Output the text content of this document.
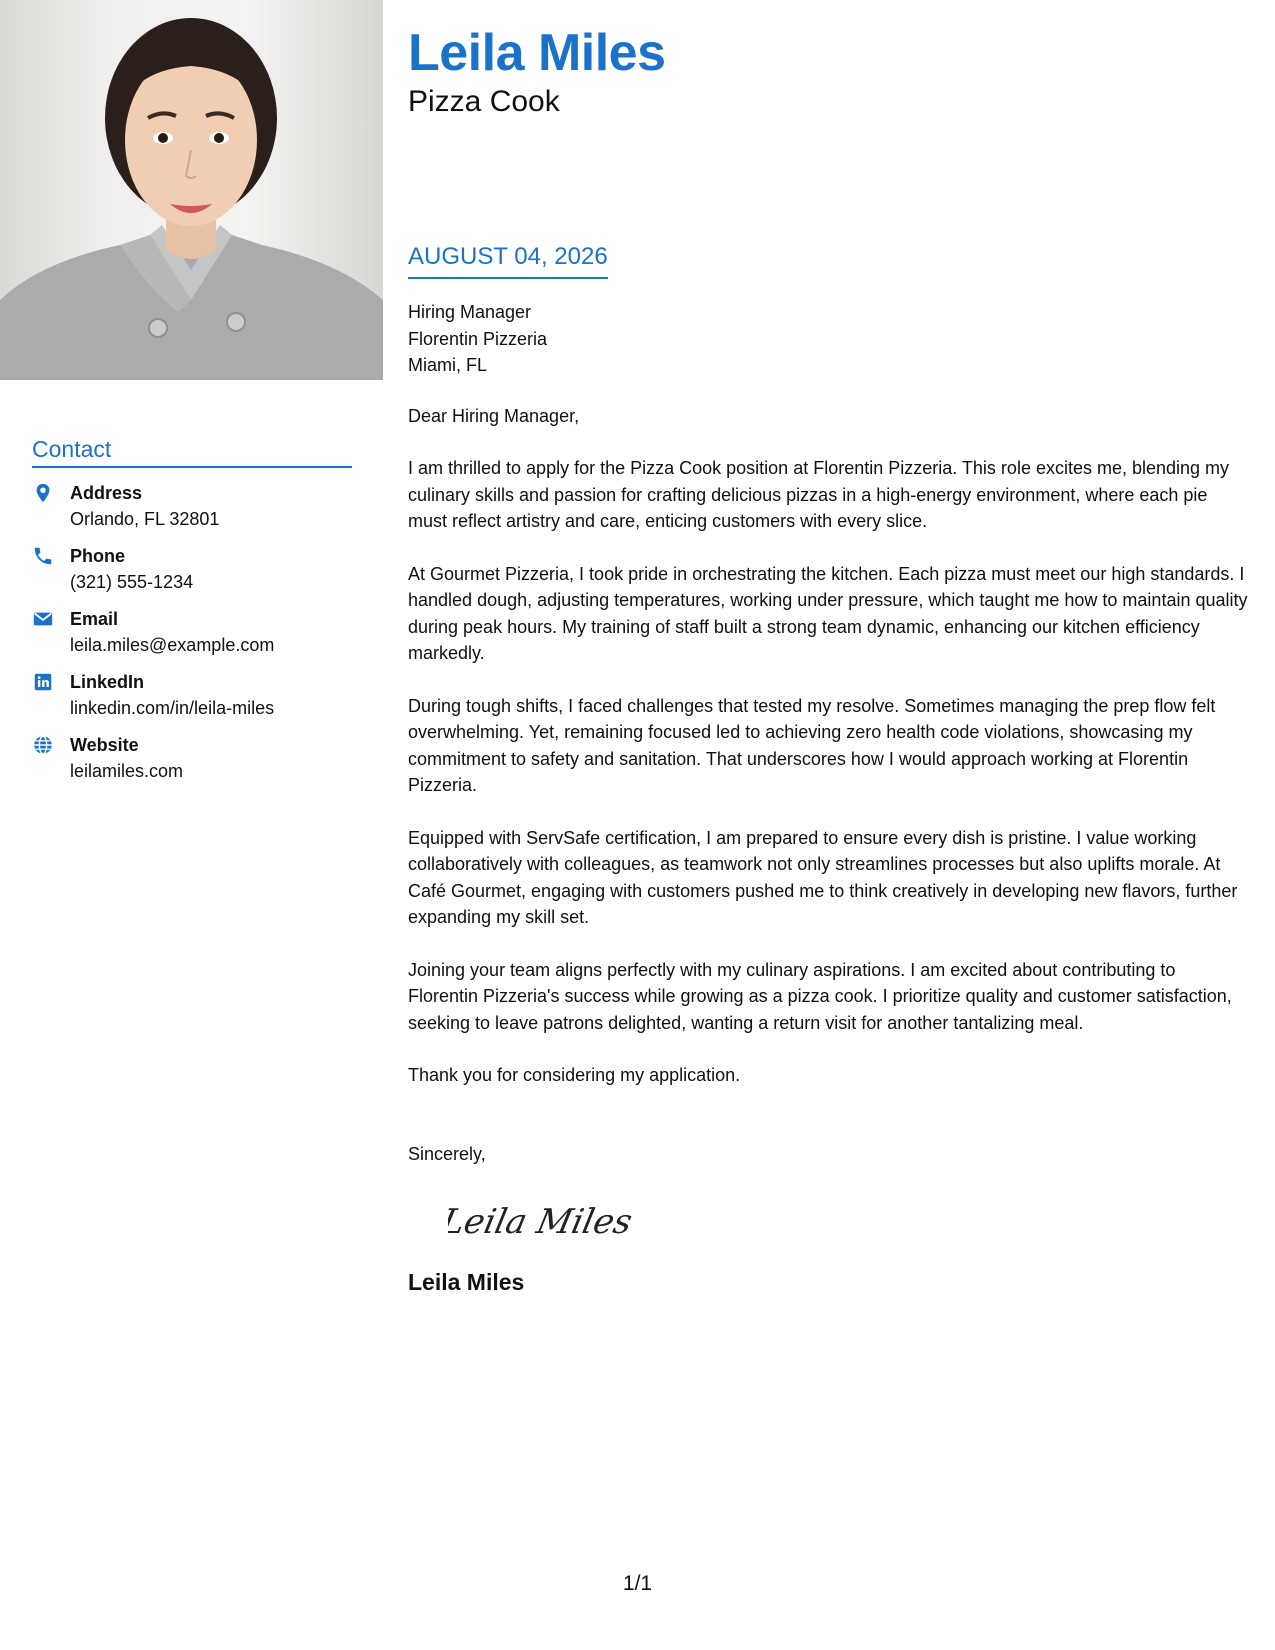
Contact
Address
Orlando, FL 32801
Phone
(321) 555-1234
Email
leila.miles@example.com
LinkedIn
linkedin.com/in/leila-miles
Website
leilamiles.com
Leila Miles
Pizza Cook
AUGUST 04, 2026
Hiring Manager
Florentin Pizzeria
Miami, FL
Dear Hiring Manager,

I am thrilled to apply for the Pizza Cook position at Florentin Pizzeria. This role excites me, blending my culinary skills and passion for crafting delicious pizzas in a high-energy environment, where each pie must reflect artistry and care, enticing customers with every slice.

At Gourmet Pizzeria, I took pride in orchestrating the kitchen. Each pizza must meet our high standards. I handled dough, adjusting temperatures, working under pressure, which taught me how to maintain quality during peak hours. My training of staff built a strong team dynamic, enhancing our kitchen efficiency markedly.

During tough shifts, I faced challenges that tested my resolve. Sometimes managing the prep flow felt overwhelming. Yet, remaining focused led to achieving zero health code violations, showcasing my commitment to safety and sanitation. That underscores how I would approach working at Florentin Pizzeria.

Equipped with ServSafe certification, I am prepared to ensure every dish is pristine. I value working collaboratively with colleagues, as teamwork not only streamlines processes but also uplifts morale. At Café Gourmet, engaging with customers pushed me to think creatively in developing new flavors, further expanding my skill set.

Joining your team aligns perfectly with my culinary aspirations. I am excited about contributing to Florentin Pizzeria's success while growing as a pizza cook. I prioritize quality and customer satisfaction, seeking to leave patrons delighted, wanting a return visit for another tantalizing meal.

Thank you for considering my application.

Sincerely,
Leila Miles
Leila Miles
1/1
